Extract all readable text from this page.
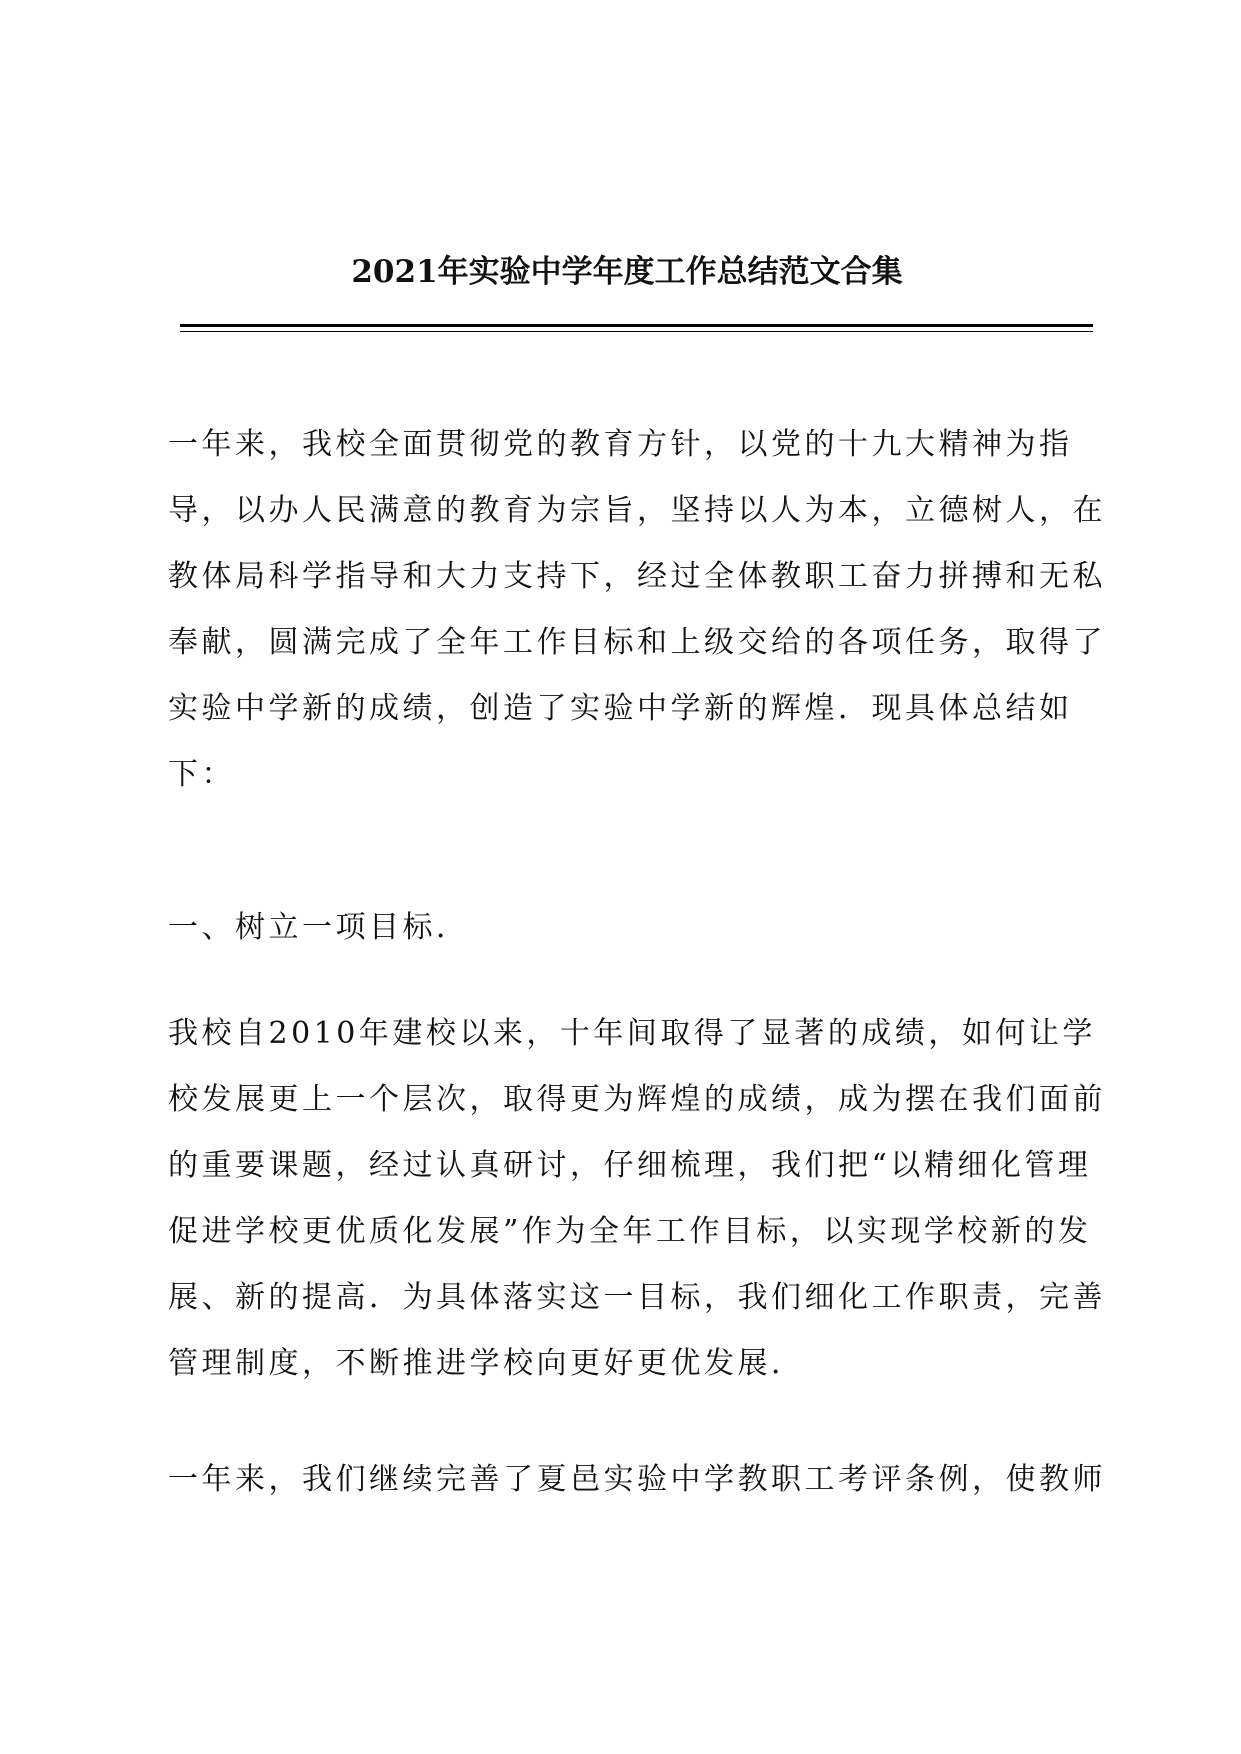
2021年实验中学年度工作总结范文合集
一年来，我校全面贯彻党的教育方针，以党的十九大精神为指
导，以办人民满意的教育为宗旨，坚持以人为本，立德树人，在
教体局科学指导和大力支持下，经过全体教职工奋力拼搏和无私
奉献，圆满完成了全年工作目标和上级交给的各项任务，取得了
实验中学新的成绩，创造了实验中学新的辉煌．现具体总结如
下：
一、树立一项目标．
我校自2010年建校以来，十年间取得了显著的成绩，如何让学
校发展更上一个层次，取得更为辉煌的成绩，成为摆在我们面前
的重要课题，经过认真研讨，仔细梳理，我们把“以精细化管理
促进学校更优质化发展”作为全年工作目标，以实现学校新的发
展、新的提高．为具体落实这一目标，我们细化工作职责，完善
管理制度，不断推进学校向更好更优发展．
一年来，我们继续完善了夏邑实验中学教职工考评条例，使教师
